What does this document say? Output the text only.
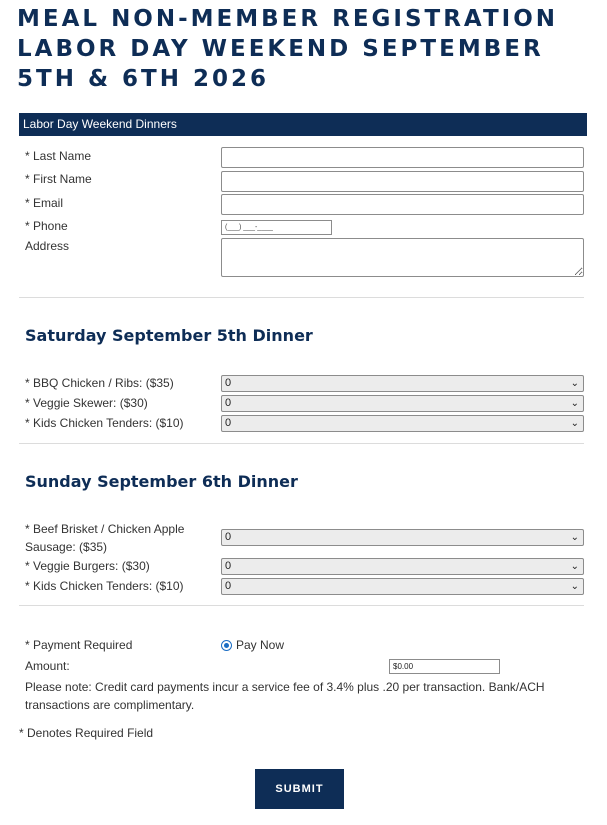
MEAL NON-MEMBER REGISTRATION LABOR DAY WEEKEND SEPTEMBER 5TH & 6TH 2026
Labor Day Weekend Dinners
* Last Name
* First Name
* Email
* Phone	(___) ___-____
Address
Saturday September 5th Dinner
* BBQ Chicken / Ribs: ($35)	0	⌄
* Veggie Skewer: ($30)	0	⌄
* Kids Chicken Tenders: ($10)	0	⌄
Sunday September 6th Dinner
* Beef Brisket / Chicken Apple
Sausage: ($35)
0	⌄
* Veggie Burgers: ($30)	0	⌄
* Kids Chicken Tenders: ($10)	0	⌄
* Payment Required	Pay Now
Amount:	$0.00
Please note: Credit card payments incur a service fee of 3.4% plus .20 per transaction. Bank/ACH transactions are complimentary.
* Denotes Required Field
SUBMIT
